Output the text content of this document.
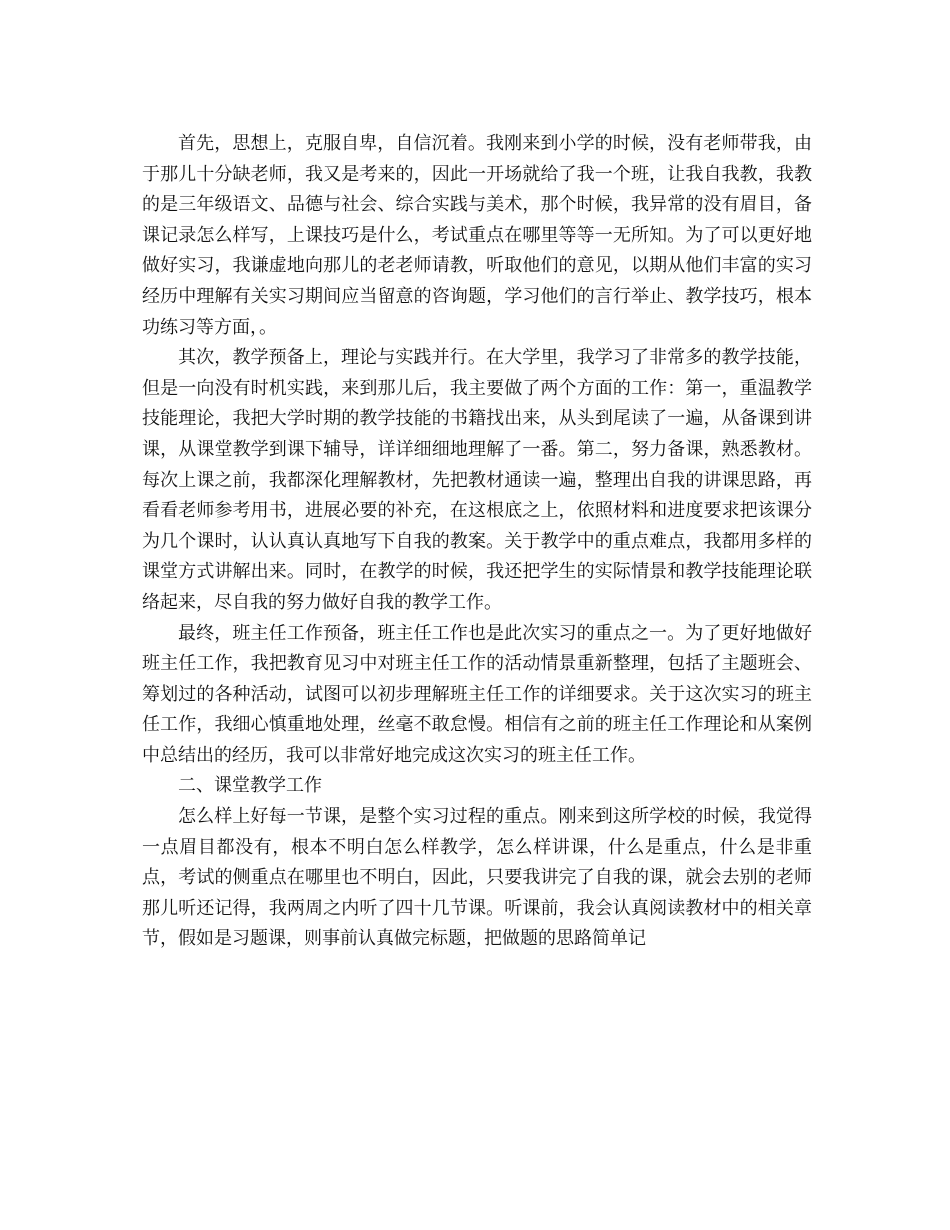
首先，思想上，克服自卑，自信沉着。我刚来到小学的时候，没有老师带我，由于那儿十分缺老师，我又是考来的，因此一开场就给了我一个班，让我自我教，我教的是三年级语文、品德与社会、综合实践与美术，那个时候，我异常的没有眉目，备课记录怎么样写，上课技巧是什么，考试重点在哪里等等一无所知。为了可以更好地做好实习，我谦虚地向那儿的老老师请教，听取他们的意见，以期从他们丰富的实习经历中理解有关实习期间应当留意的咨询题，学习他们的言行举止、教学技巧，根本功练习等方面，。

其次，教学预备上，理论与实践并行。在大学里，我学习了非常多的教学技能，但是一向没有时机实践，来到那儿后，我主要做了两个方面的工作：第一，重温教学技能理论，我把大学时期的教学技能的书籍找出来，从头到尾读了一遍，从备课到讲课，从课堂教学到课下辅导，详详细细地理解了一番。第二，努力备课，熟悉教材。每次上课之前，我都深化理解教材，先把教材通读一遍，整理出自我的讲课思路，再看看老师参考用书，进展必要的补充，在这根底之上，依照材料和进度要求把该课分为几个课时，认认真认真地写下自我的教案。关于教学中的重点难点，我都用多样的课堂方式讲解出来。同时，在教学的时候，我还把学生的实际情景和教学技能理论联络起来，尽自我的努力做好自我的教学工作。

最终，班主任工作预备，班主任工作也是此次实习的重点之一。为了更好地做好班主任工作，我把教育见习中对班主任工作的活动情景重新整理，包括了主题班会、筹划过的各种活动，试图可以初步理解班主任工作的详细要求。关于这次实习的班主任工作，我细心慎重地处理，丝毫不敢怠慢。相信有之前的班主任工作理论和从案例中总结出的经历，我可以非常好地完成这次实习的班主任工作。

二、课堂教学工作

怎么样上好每一节课，是整个实习过程的重点。刚来到这所学校的时候，我觉得一点眉目都没有，根本不明白怎么样教学，怎么样讲课，什么是重点，什么是非重点，考试的侧重点在哪里也不明白，因此，只要我讲完了自我的课，就会去别的老师那儿听还记得，我两周之内听了四十几节课。听课前，我会认真阅读教材中的相关章节，假如是习题课，则事前认真做完标题，把做题的思路简单记
